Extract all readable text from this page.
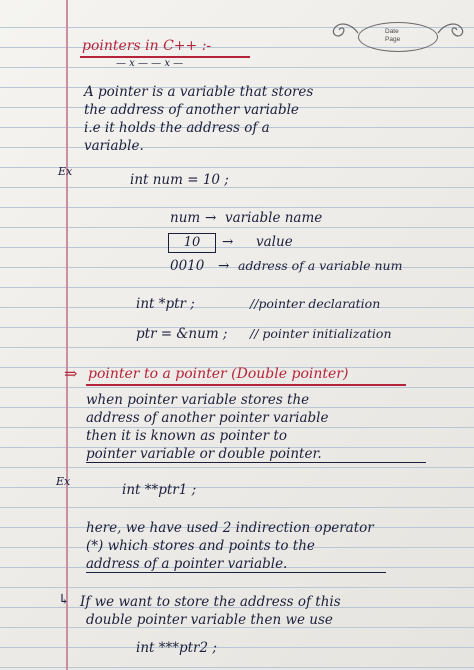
Date
Page
pointers in C++ :-
— x — — x —
A pointer is a variable that stores
the address of another variable
i.e it holds the address of a
variable.
Ex
int num = 10 ;
num → variable name
10	→ value
0010 → address of a variable num
int *ptr ;	//pointer declaration
ptr = &num ; // pointer initialization
⇒ pointer to a pointer (Double pointer)
when pointer variable stores the
address of another pointer variable
then it is known as pointer to
pointer variable or double pointer.
Ex
int **ptr1 ;
here, we have used 2 indirection operator
(*) which stores and points to the
address of a pointer variable.
↳ If we want to store the address of this
double pointer variable then we use
int ***ptr2 ;
